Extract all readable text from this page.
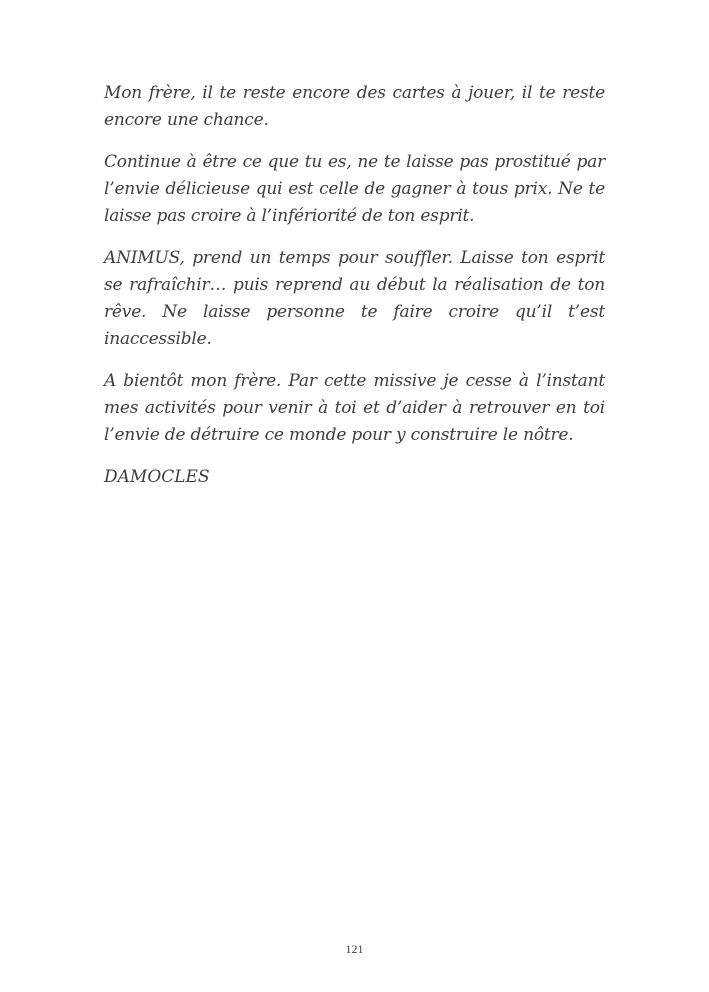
Mon frère, il te reste encore des cartes à jouer, il te reste encore une chance.

Continue à être ce que tu es, ne te laisse pas prostitué par l’envie délicieuse qui est celle de gagner à tous prix. Ne te laisse pas croire à l’infériorité de ton esprit.

ANIMUS, prend un temps pour souffler. Laisse ton esprit se rafraîchir… puis reprend au début la réalisation de ton rêve. Ne laisse personne te faire croire qu’il t’est inaccessible.

A bientôt mon frère. Par cette missive je cesse à l’instant mes activités pour venir à toi et d’aider à retrouver en toi l’envie de détruire ce monde pour y construire le nôtre.

DAMOCLES

121
